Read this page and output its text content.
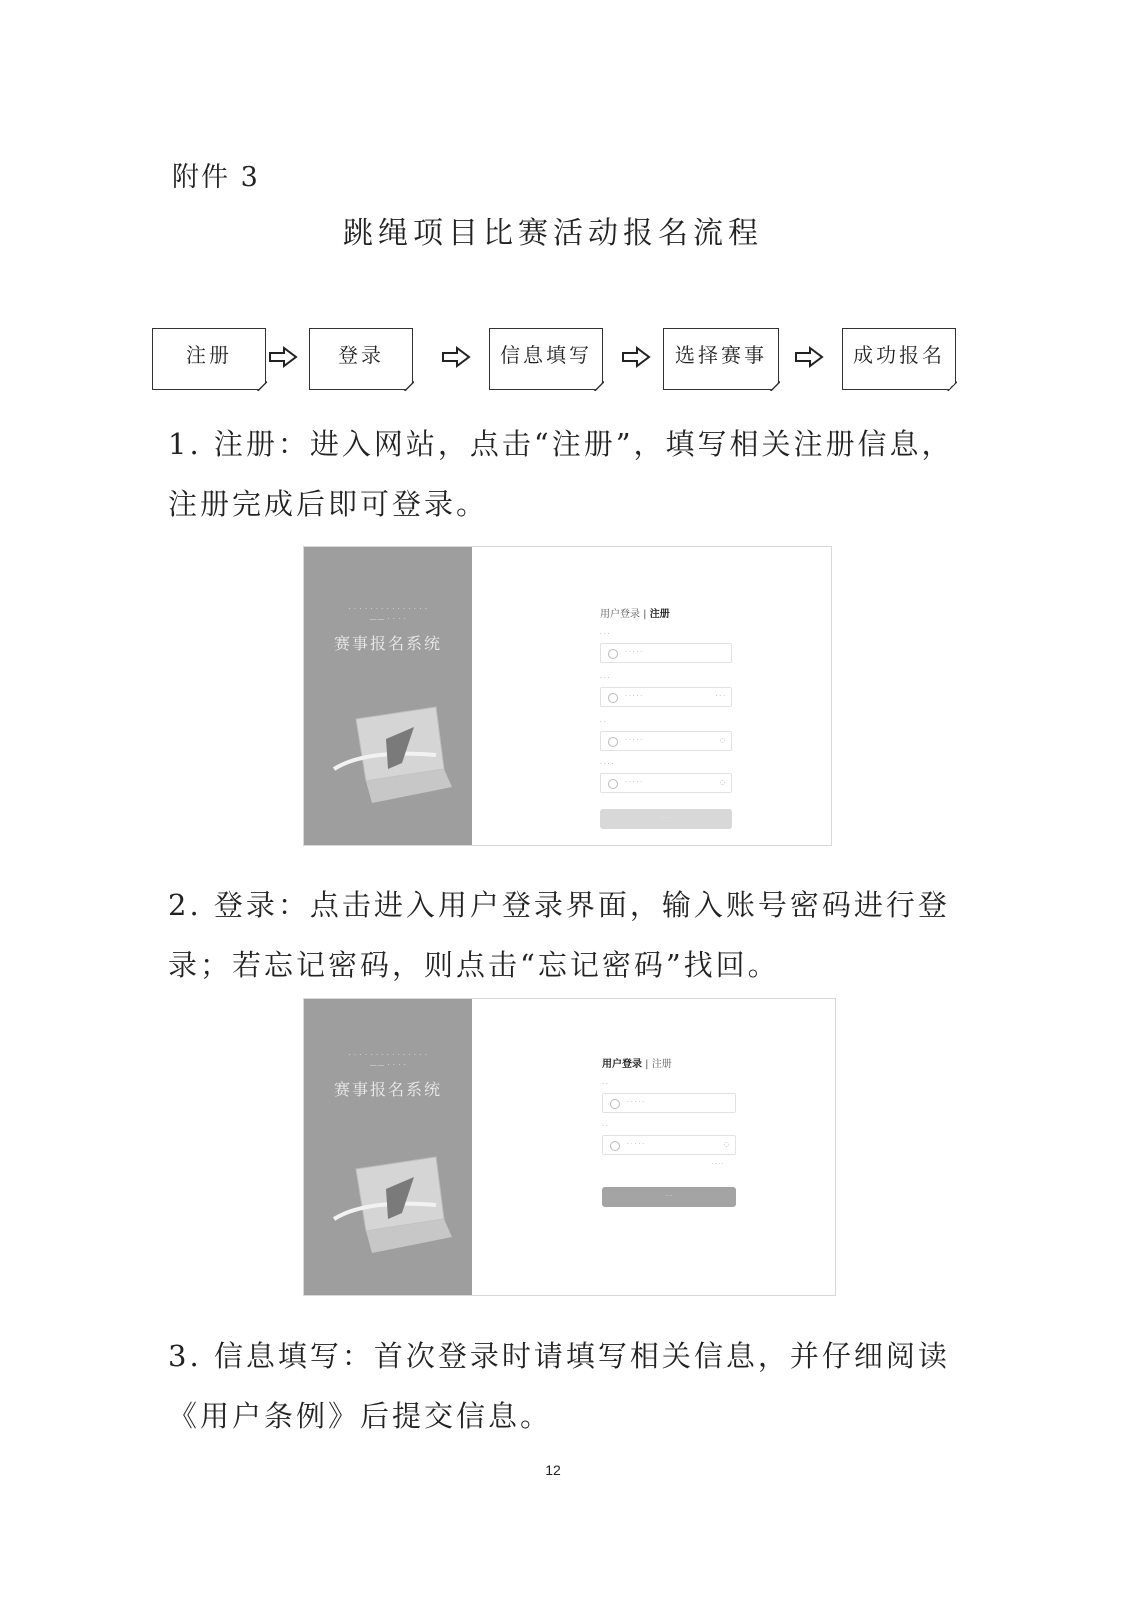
附件 3
跳绳项目比赛活动报名流程
注册	登录	信息填写	选择赛事	成功报名
1. 注册：进入网站，点击“注册”，填写相关注册信息，注册完成后即可登录。
· · · · · · · · · · · · · · ·
—— · · · ·
赛事报名系统
用户登录 | 注册
· · ·
· · · · ·
· · ·
· · · · ·	· · ·
· ·
· · · · ·	◌
· · · ·
· · · · ·	◌
· · ·
2. 登录：点击进入用户登录界面，输入账号密码进行登录；若忘记密码，则点击“忘记密码”找回。
· · · · · · · · · · · · · · ·
—— · · · ·
赛事报名系统
用户登录 | 注册
· ·
· · · · ·
· ·
· · · · ·	◌
· · · ·
· ·
3. 信息填写：首次登录时请填写相关信息，并仔细阅读《用户条例》后提交信息。
12
